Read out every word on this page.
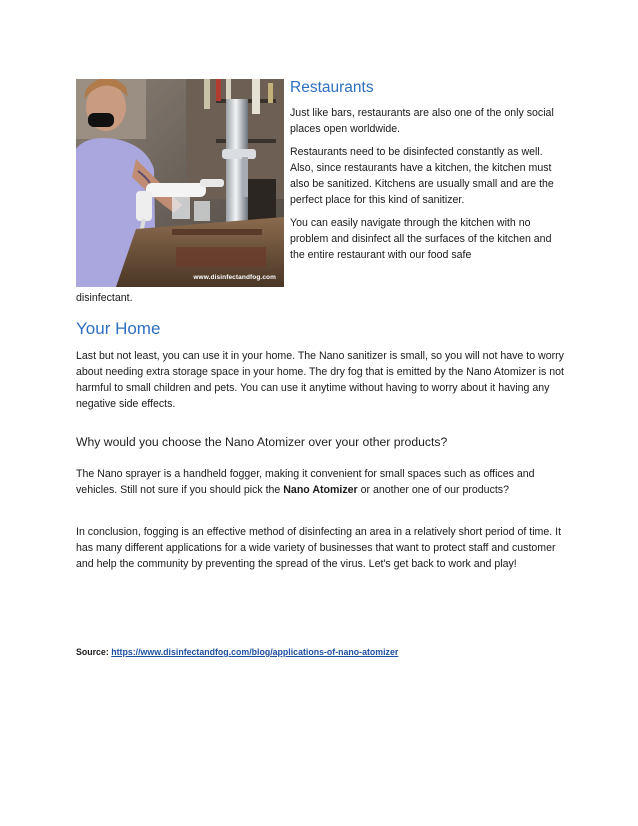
www.disinfectandfog.com
Restaurants

Just like bars, restaurants are also one of the only social places open worldwide.

Restaurants need to be disinfected constantly as well. Also, since restaurants have a kitchen, the kitchen must also be sanitized. Kitchens are usually small and are the perfect place for this kind of sanitizer.

You can easily navigate through the kitchen with no problem and disinfect all the surfaces of the kitchen and the entire restaurant with our food safe

disinfectant.

Your Home

Last but not least, you can use it in your home. The Nano sanitizer is small, so you will not have to worry about needing extra storage space in your home. The dry fog that is emitted by the Nano Atomizer is not harmful to small children and pets. You can use it anytime without having to worry about it having any negative side effects.

Why would you choose the Nano Atomizer over your other products?

The Nano sprayer is a handheld fogger, making it convenient for small spaces such as offices and vehicles. Still not sure if you should pick the Nano Atomizer or another one of our products?

In conclusion, fogging is an effective method of disinfecting an area in a relatively short period of time. It has many different applications for a wide variety of businesses that want to protect staff and customer and help the community by preventing the spread of the virus. Let's get back to work and play!

Source: https://www.disinfectandfog.com/blog/applications-of-nano-atomizer
